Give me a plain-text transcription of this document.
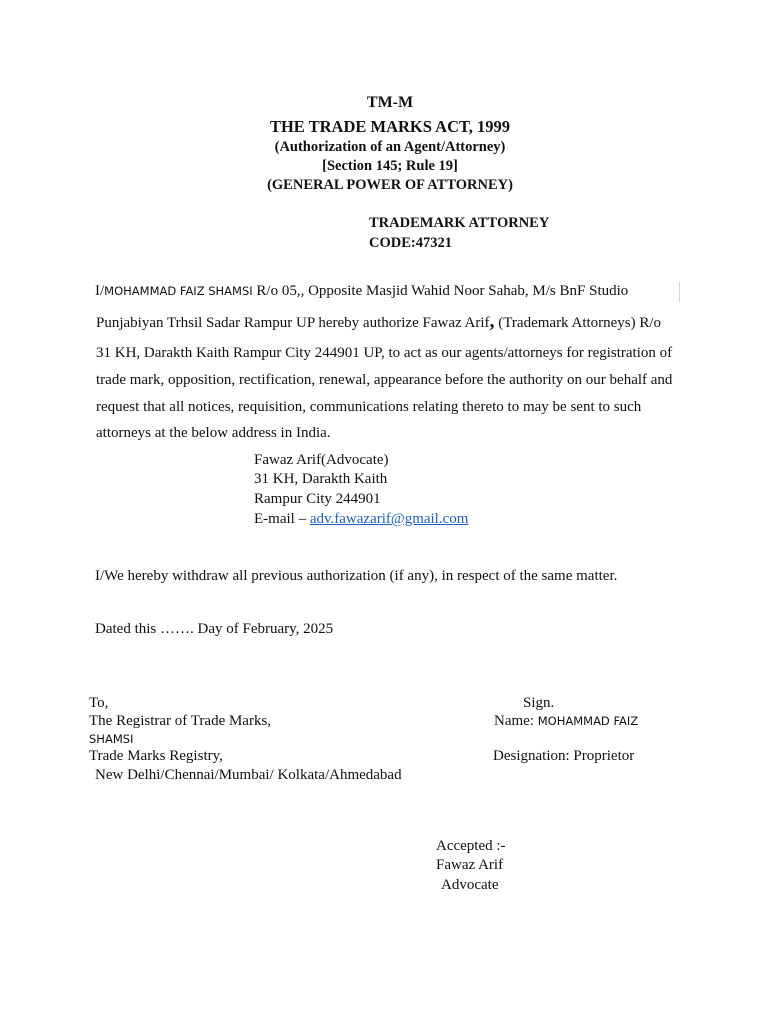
TM-M
THE TRADE MARKS ACT, 1999
(Authorization of an Agent/Attorney)
[Section 145; Rule 19]
(GENERAL POWER OF ATTORNEY)
TRADEMARK ATTORNEY
CODE:47321
I/MOHAMMAD FAIZ SHAMSI R/o 05,, Opposite Masjid Wahid Noor Sahab, M/s BnF Studio
Punjabiyan Trhsil Sadar Rampur UP hereby authorize Fawaz Arif, (Trademark Attorneys) R/o
31 KH, Darakth Kaith Rampur City 244901 UP, to act as our agents/attorneys for registration of
trade mark, opposition, rectification, renewal, appearance before the authority on our behalf and
request that all notices, requisition, communications relating thereto to may be sent to such
attorneys at the below address in India.
Fawaz Arif(Advocate)
31 KH, Darakth Kaith
Rampur City 244901
E-mail – adv.fawazarif@gmail.com
I/We hereby withdraw all previous authorization (if any), in respect of the same matter.
Dated this ……. Day of February, 2025
To,
The Registrar of Trade Marks,
SHAMSI
Trade Marks Registry,
New Delhi/Chennai/Mumbai/ Kolkata/Ahmedabad
Sign.
Name: MOHAMMAD FAIZ
Designation: Proprietor
Accepted :-
Fawaz Arif
Advocate
